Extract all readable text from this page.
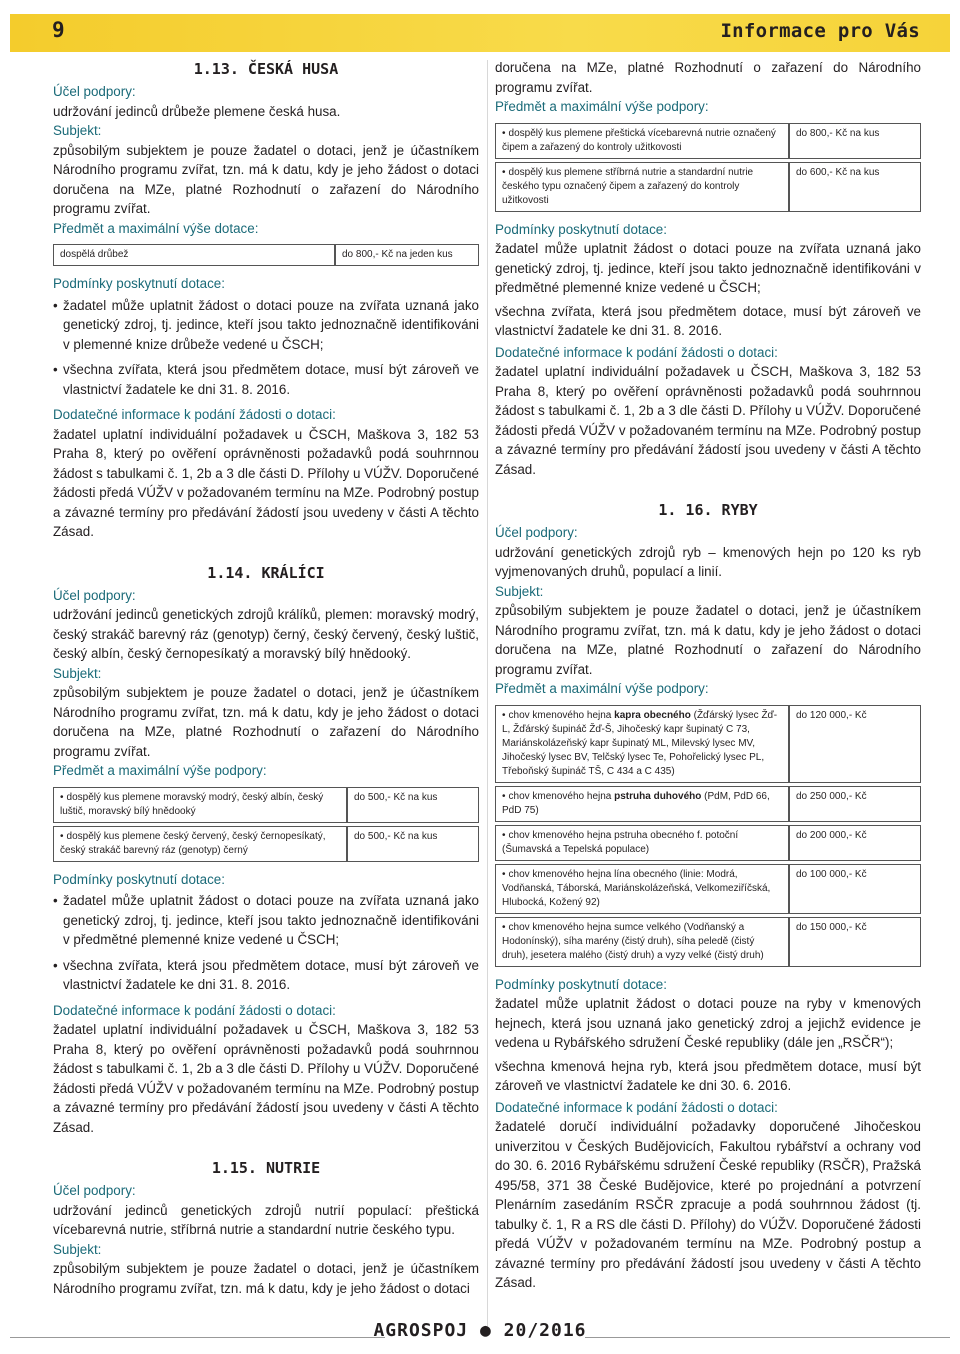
9	Informace pro Vás
1.13. ČESKÁ HUSA

Účel podpory:

udržování jedinců drůbeže plemene česká husa.

Subjekt:

způsobilým subjektem je pouze žadatel o dotaci, jenž je účastníkem Národního programu zvířat, tzn. má k datu, kdy je jeho žádost o dotaci doručena na MZe, platné Rozhodnutí o zařazení do Národního programu zvířat.

Předmět a maximální výše dotace:

dospělá drůbež	do 800,- Kč na jeden kus

Podmínky poskytnutí dotace:

• žadatel může uplatnit žádost o dotaci pouze na zvířata uznaná jako genetický zdroj, tj. jedince, kteří jsou takto jednoznačně identifikováni v plemenné knize drůbeže vedené u ČSCH;
• všechna zvířata, která jsou předmětem dotace, musí být zároveň ve vlastnictví žadatele ke dni 31. 8. 2016.

Dodatečné informace k podání žádosti o dotaci:

žadatel uplatní individuální požadavek u ČSCH, Maškova 3, 182 53 Praha 8, který po ověření oprávněnosti požadavků podá souhrnnou žádost s tabulkami č. 1, 2b a 3 dle části D. Přílohy u VÚŽV. Doporučené žádosti předá VÚŽV v požadovaném termínu na MZe. Podrobný postup a závazné termíny pro předávání žádostí jsou uvedeny v části A těchto Zásad.

1.14. KRÁLÍCI

Účel podpory:

udržování jedinců genetických zdrojů králíků, plemen: moravský modrý, český strakáč barevný ráz (genotyp) černý, český červený, český luštič, český albín, český černopesíkatý a moravský bílý hnědooký.

Subjekt:

způsobilým subjektem je pouze žadatel o dotaci, jenž je účastníkem Národního programu zvířat, tzn. má k datu, kdy je jeho žádost o dotaci doručena na MZe, platné Rozhodnutí o zařazení do Národního programu zvířat.

Předmět a maximální výše podpory:

• dospělý kus plemene moravský modrý, český albín, český luštič, moravský bílý hnědooký	do 500,- Kč na kus
• dospělý kus plemene český červený, český černopesíkatý, český strakáč barevný ráz (genotyp) černý	do 500,- Kč na kus

Podmínky poskytnutí dotace:

• žadatel může uplatnit žádost o dotaci pouze na zvířata uznaná jako genetický zdroj, tj. jedince, kteří jsou takto jednoznačně identifikováni v předmětné plemenné knize vedené u ČSCH;
• všechna zvířata, která jsou předmětem dotace, musí být zároveň ve vlastnictví žadatele ke dni 31. 8. 2016.

Dodatečné informace k podání žádosti o dotaci:

žadatel uplatní individuální požadavek u ČSCH, Maškova 3, 182 53 Praha 8, který po ověření oprávněnosti požadavků podá souhrnnou žádost s tabulkami č. 1, 2b a 3 dle části D. Přílohy u VÚŽV. Doporučené žádosti předá VÚŽV v požadovaném termínu na MZe. Podrobný postup a závazné termíny pro předávání žádostí jsou uvedeny v části A těchto Zásad.

1.15. NUTRIE

Účel podpory:

udržování jedinců genetických zdrojů nutrií populací: přeštická vícebarevná nutrie, stříbrná nutrie a standardní nutrie českého typu.

Subjekt:

způsobilým subjektem je pouze žadatel o dotaci, jenž je účastníkem Národního programu zvířat, tzn. má k datu, kdy je jeho žádost o dotaci

doručena na MZe, platné Rozhodnutí o zařazení do Národního programu zvířat.

Předmět a maximální výše podpory:

• dospělý kus plemene přeštická vícebarevná nutrie označený čipem a zařazený do kontroly užitkovosti	do 800,- Kč na kus
• dospělý kus plemene stříbrná nutrie a standardní nutrie českého typu označený čipem a zařazený do kontroly užitkovosti	do 600,- Kč na kus

Podmínky poskytnutí dotace:

žadatel může uplatnit žádost o dotaci pouze na zvířata uznaná jako genetický zdroj, tj. jedince, kteří jsou takto jednoznačně identifikováni v předmětné plemenné knize vedené u ČSCH;

všechna zvířata, která jsou předmětem dotace, musí být zároveň ve vlastnictví žadatele ke dni 31. 8. 2016.

Dodatečné informace k podání žádosti o dotaci:

žadatel uplatní individuální požadavek u ČSCH, Maškova 3, 182 53 Praha 8, který po ověření oprávněnosti požadavků podá souhrnnou žádost s tabulkami č. 1, 2b a 3 dle části D. Přílohy u VÚŽV. Doporučené žádosti předá VÚŽV v požadovaném termínu na MZe. Podrobný postup a závazné termíny pro předávání žádostí jsou uvedeny v části A těchto Zásad.

1. 16. RYBY

Účel podpory:

udržování genetických zdrojů ryb – kmenových hejn po 120 ks ryb vyjmenovaných druhů, populací a linií.

Subjekt:

způsobilým subjektem je pouze žadatel o dotaci, jenž je účastníkem Národního programu zvířat, tzn. má k datu, kdy je jeho žádost o dotaci doručena na MZe, platné Rozhodnutí o zařazení do Národního programu zvířat.

Předmět a maximální výše podpory:

• chov kmenového hejna kapra obecného (Žďárský lysec Žď-L, Žďárský šupináč Žď-Š, Jihočeský kapr šupinatý C 73, Mariánskolázeňský kapr šupinatý ML, Milevský lysec MV, Jihočeský lysec BV, Telčský lysec Te, Pohořelický lysec PL, Třeboňský šupináč TŠ, C 434 a C 435)	do 120 000,- Kč
• chov kmenového hejna pstruha duhového (PdM, PdD 66, PdD 75)	do 250 000,- Kč
• chov kmenového hejna pstruha obecného f. potoční (Šumavská a Tepelská populace)	do 200 000,- Kč
• chov kmenového hejna lína obecného (linie: Modrá, Vodňanská, Táborská, Mariánskolázeňská, Velkomeziříčská, Hlubocká, Kožený 92)	do 100 000,- Kč
• chov kmenového hejna sumce velkého (Vodňanský a Hodonínský), síha marény (čistý druh), síha peledě (čistý druh), jesetera malého (čistý druh) a vyzy velké (čistý druh)	do 150 000,- Kč

Podmínky poskytnutí dotace:

žadatel může uplatnit žádost o dotaci pouze na ryby v kmenových hejnech, která jsou uznaná jako genetický zdroj a jejichž evidence je vedena u Rybářského sdružení České republiky (dále jen „RSČR“);

všechna kmenová hejna ryb, která jsou předmětem dotace, musí být zároveň ve vlastnictví žadatele ke dni 30. 6. 2016.

Dodatečné informace k podání žádosti o dotaci:

žadatelé doručí individuální požadavky doporučené Jihočeskou univerzitou v Českých Budějovicích, Fakultou rybářství a ochrany vod do 30. 6. 2016 Rybářskému sdružení České republiky (RSČR), Pražská 495/58, 371 38 České Budějovice, které po projednání a potvrzení Plenárním zasedáním RSČR zpracuje a podá souhrnnou žádost (tj. tabulky č. 1, R a RS dle části D. Přílohy) do VÚŽV. Doporučené žádosti předá VÚŽV v požadovaném termínu na MZe. Podrobný postup a závazné termíny pro předávání žádostí jsou uvedeny v části A těchto Zásad.

AGROSPOJ ● 20/2016
